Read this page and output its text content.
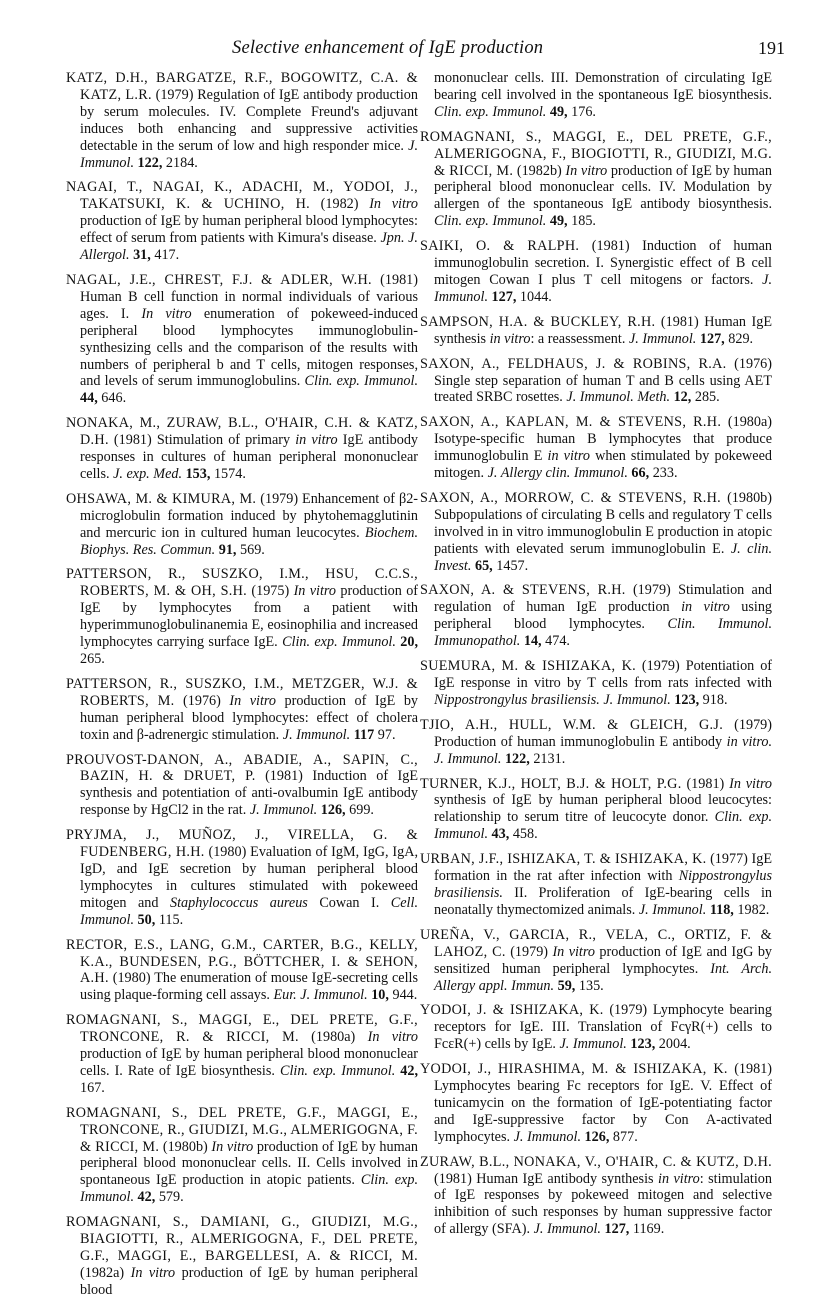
Selective enhancement of IgE production	191

KATZ, D.H., BARGATZE, R.F., BOGOWITZ, C.A. & KATZ, L.R. (1979) Regulation of IgE antibody production by serum molecules. IV. Complete Freund's adjuvant induces both enhancing and suppressive activities detectable in the serum of low and high responder mice. J. Immunol. 122, 2184.

NAGAI, T., NAGAI, K., ADACHI, M., YODOI, J., TAKATSUKI, K. & UCHINO, H. (1982) In vitro production of IgE by human peripheral blood lymphocytes: effect of serum from patients with Kimura's disease. Jpn. J. Allergol. 31, 417.

NAGAL, J.E., CHREST, F.J. & ADLER, W.H. (1981) Human B cell function in normal individuals of various ages. I. In vitro enumeration of pokeweed-induced peripheral blood lymphocytes immunoglobulin-synthesizing cells and the comparison of the results with numbers of peripheral b and T cells, mitogen responses, and levels of serum immunoglobulins. Clin. exp. Immunol. 44, 646.

NONAKA, M., ZURAW, B.L., O'HAIR, C.H. & KATZ, D.H. (1981) Stimulation of primary in vitro IgE antibody responses in cultures of human peripheral mononuclear cells. J. exp. Med. 153, 1574.

OHSAWA, M. & KIMURA, M. (1979) Enhancement of β2-microglobulin formation induced by phytohemagglutinin and mercuric ion in cultured human leucocytes. Biochem. Biophys. Res. Commun. 91, 569.

PATTERSON, R., SUSZKO, I.M., HSU, C.C.S., ROBERTS, M. & OH, S.H. (1975) In vitro production of IgE by lymphocytes from a patient with hyperimmunoglobulinanemia E, eosinophilia and increased lymphocytes carrying surface IgE. Clin. exp. Immunol. 20, 265.

PATTERSON, R., SUSZKO, I.M., METZGER, W.J. & ROBERTS, M. (1976) In vitro production of IgE by human peripheral blood lymphocytes: effect of cholera toxin and β-adrenergic stimulation. J. Immunol. 117 97.

PROUVOST-DANON, A., ABADIE, A., SAPIN, C., BAZIN, H. & DRUET, P. (1981) Induction of IgE synthesis and potentiation of anti-ovalbumin IgE antibody response by HgCl2 in the rat. J. Immunol. 126, 699.

PRYJMA, J., MUÑOZ, J., VIRELLA, G. & FUDENBERG, H.H. (1980) Evaluation of IgM, IgG, IgA, IgD, and IgE secretion by human peripheral blood lymphocytes in cultures stimulated with pokeweed mitogen and Staphylococcus aureus Cowan I. Cell. Immunol. 50, 115.

RECTOR, E.S., LANG, G.M., CARTER, B.G., KELLY, K.A., BUNDESEN, P.G., BÖTTCHER, I. & SEHON, A.H. (1980) The enumeration of mouse IgE-secreting cells using plaque-forming cell assays. Eur. J. Immunol. 10, 944.

ROMAGNANI, S., MAGGI, E., DEL PRETE, G.F., TRONCONE, R. & RICCI, M. (1980a) In vitro production of IgE by human peripheral blood mononuclear cells. I. Rate of IgE biosynthesis. Clin. exp. Immunol. 42, 167.

ROMAGNANI, S., DEL PRETE, G.F., MAGGI, E., TRONCONE, R., GIUDIZI, M.G., ALMERIGOGNA, F. & RICCI, M. (1980b) In vitro production of IgE by human peripheral blood mononuclear cells. II. Cells involved in spontaneous IgE production in atopic patients. Clin. exp. Immunol. 42, 579.

ROMAGNANI, S., DAMIANI, G., GIUDIZI, M.G., BIAGIOTTI, R., ALMERIGOGNA, F., DEL PRETE, G.F., MAGGI, E., BARGELLESI, A. & RICCI, M. (1982a) In vitro production of IgE by human peripheral blood

mononuclear cells. III. Demonstration of circulating IgE bearing cell involved in the spontaneous IgE biosynthesis. Clin. exp. Immunol. 49, 176.

ROMAGNANI, S., MAGGI, E., DEL PRETE, G.F., ALMERIGOGNA, F., BIOGIOTTI, R., GIUDIZI, M.G. & RICCI, M. (1982b) In vitro production of IgE by human peripheral blood mononuclear cells. IV. Modulation by allergen of the spontaneous IgE antibody biosynthesis. Clin. exp. Immunol. 49, 185.

SAIKI, O. & RALPH. (1981) Induction of human immunoglobulin secretion. I. Synergistic effect of B cell mitogen Cowan I plus T cell mitogens or factors. J. Immunol. 127, 1044.

SAMPSON, H.A. & BUCKLEY, R.H. (1981) Human IgE synthesis in vitro: a reassessment. J. Immunol. 127, 829.

SAXON, A., FELDHAUS, J. & ROBINS, R.A. (1976) Single step separation of human T and B cells using AET treated SRBC rosettes. J. Immunol. Meth. 12, 285.

SAXON, A., KAPLAN, M. & STEVENS, R.H. (1980a) Isotype-specific human B lymphocytes that produce immunoglobulin E in vitro when stimulated by pokeweed mitogen. J. Allergy clin. Immunol. 66, 233.

SAXON, A., MORROW, C. & STEVENS, R.H. (1980b) Subpopulations of circulating B cells and regulatory T cells involved in in vitro immunoglobulin E production in atopic patients with elevated serum immunoglobulin E. J. clin. Invest. 65, 1457.

SAXON, A. & STEVENS, R.H. (1979) Stimulation and regulation of human IgE production in vitro using peripheral blood lymphocytes. Clin. Immunol. Immunopathol. 14, 474.

SUEMURA, M. & ISHIZAKA, K. (1979) Potentiation of IgE response in vitro by T cells from rats infected with Nippostrongylus brasiliensis. J. Immunol. 123, 918.

TJIO, A.H., HULL, W.M. & GLEICH, G.J. (1979) Production of human immunoglobulin E antibody in vitro. J. Immunol. 122, 2131.

TURNER, K.J., HOLT, B.J. & HOLT, P.G. (1981) In vitro synthesis of IgE by human peripheral blood leucocytes: relationship to serum titre of leucocyte donor. Clin. exp. Immunol. 43, 458.

URBAN, J.F., ISHIZAKA, T. & ISHIZAKA, K. (1977) IgE formation in the rat after infection with Nippostrongylus brasiliensis. II. Proliferation of IgE-bearing cells in neonatally thymectomized animals. J. Immunol. 118, 1982.

UREÑA, V., GARCIA, R., VELA, C., ORTIZ, F. & LAHOZ, C. (1979) In vitro production of IgE and IgG by sensitized human peripheral lymphocytes. Int. Arch. Allergy appl. Immun. 59, 135.

YODOI, J. & ISHIZAKA, K. (1979) Lymphocyte bearing receptors for IgE. III. Translation of FcγR(+) cells to FcεR(+) cells by IgE. J. Immunol. 123, 2004.

YODOI, J., HIRASHIMA, M. & ISHIZAKA, K. (1981) Lymphocytes bearing Fc receptors for IgE. V. Effect of tunicamycin on the formation of IgE-potentiating factor and IgE-suppressive factor by Con A-activated lymphocytes. J. Immunol. 126, 877.

ZURAW, B.L., NONAKA, V., O'HAIR, C. & KUTZ, D.H. (1981) Human IgE antibody synthesis in vitro: stimulation of IgE responses by pokeweed mitogen and selective inhibition of such responses by human suppressive factor of allergy (SFA). J. Immunol. 127, 1169.
